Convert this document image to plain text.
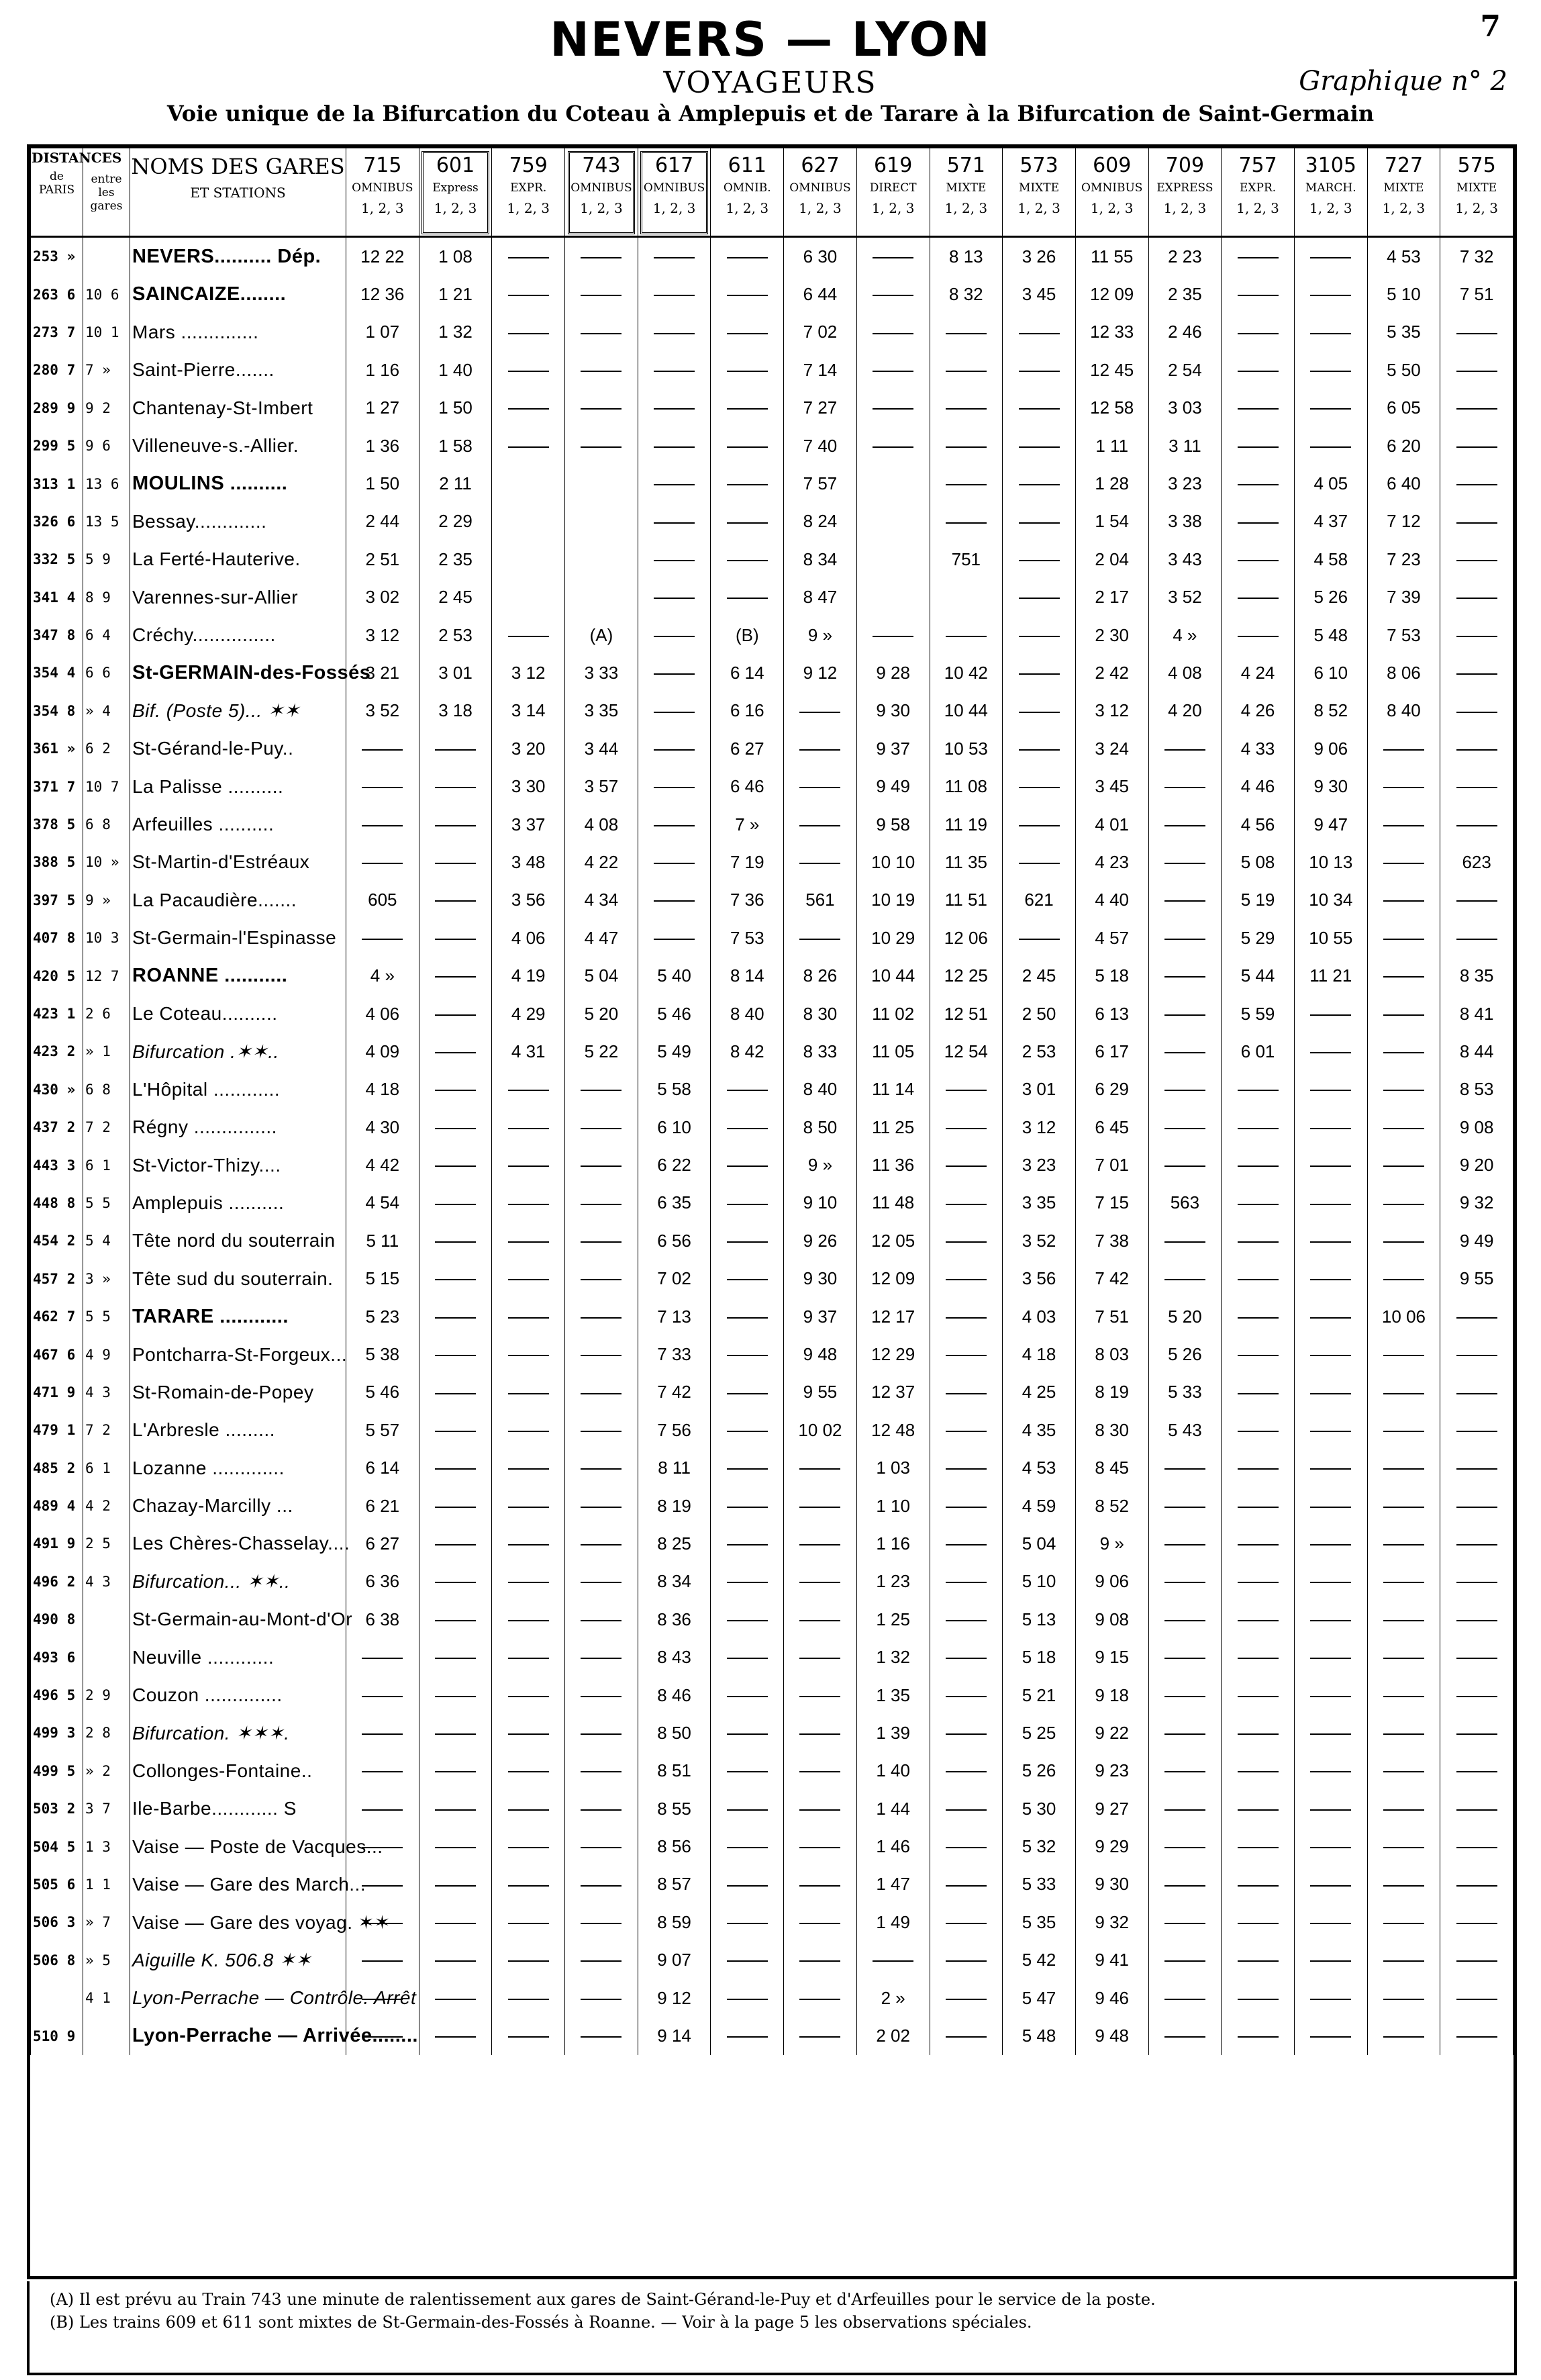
NEVERS — LYON
VOYAGEURS
Voie unique de la Bifurcation du Coteau à Amplepuis et de Tarare à la Bifurcation de Saint-Germain
7
Graphique n° 2
DISTANCES
de PARIS	entre les gares	NOMS DES GARES
ET STATIONS	715
OMNIBUS
1, 2, 3	601
Express
1, 2, 3	759
EXPR.
1, 2, 3	743
OMNIBUS
1, 2, 3	617
OMNIBUS
1, 2, 3	611
OMNIB.
1, 2, 3	627
OMNIBUS
1, 2, 3	619
DIRECT
1, 2, 3	571
MIXTE
1, 2, 3	573
MIXTE
1, 2, 3	609
OMNIBUS
1, 2, 3	709
EXPRESS
1, 2, 3	757
EXPR.
1, 2, 3	3105
MARCH.
1, 2, 3	727
MIXTE
1, 2, 3	575
MIXTE
1, 2, 3

253 »		NEVERS.......... Dép.	12 22	1 08					6 30		8 13	3 26	11 55	2 23			4 53	7 32
263 6	10 6	SAINCAIZE........	12 36	1 21					6 44		8 32	3 45	12 09	2 35			5 10	7 51
273 7	10 1	Mars ..............	1 07	1 32					7 02				12 33	2 46			5 35	
280 7	7 »	Saint-Pierre.......	1 16	1 40					7 14				12 45	2 54			5 50	
289 9	9 2	Chantenay-St-Imbert	1 27	1 50					7 27				12 58	3 03			6 05	
299 5	9 6	Villeneuve-s.-Allier.	1 36	1 58					7 40				1 11	3 11			6 20	
313 1	13 6	MOULINS ..........	1 50	2 11					7 57				1 28	3 23		4 05	6 40	
326 6	13 5	Bessay.............	2 44	2 29					8 24				1 54	3 38		4 37	7 12	
332 5	5 9	La Ferté-Hauterive.	2 51	2 35					8 34		751		2 04	3 43		4 58	7 23	
341 4	8 9	Varennes-sur-Allier	3 02	2 45					8 47				2 17	3 52		5 26	7 39	
347 8	6 4	Créchy...............	3 12	2 53		(A)		(B)	9 »				2 30	4 »		5 48	7 53	
354 4	6 6	St-GERMAIN-des-Fossés	3 21	3 01	3 12	3 33		6 14	9 12	9 28	10 42		2 42	4 08	4 24	6 10	8 06	
354 8	» 4	Bif. (Poste 5)... ✶✶	3 52	3 18	3 14	3 35		6 16		9 30	10 44		3 12	4 20	4 26	8 52	8 40	
361 »	6 2	St-Gérand-le-Puy..			3 20	3 44		6 27		9 37	10 53		3 24		4 33	9 06		
371 7	10 7	La Palisse ..........			3 30	3 57		6 46		9 49	11 08		3 45		4 46	9 30		
378 5	6 8	Arfeuilles ..........			3 37	4 08		7 »		9 58	11 19		4 01		4 56	9 47		
388 5	10 »	St-Martin-d'Estréaux			3 48	4 22		7 19		10 10	11 35		4 23		5 08	10 13		623
397 5	9 »	La Pacaudière.......	605		3 56	4 34		7 36	561	10 19	11 51	621	4 40		5 19	10 34		
407 8	10 3	St-Germain-l'Espinasse			4 06	4 47		7 53		10 29	12 06		4 57		5 29	10 55		
420 5	12 7	ROANNE ...........	4 »		4 19	5 04	5 40	8 14	8 26	10 44	12 25	2 45	5 18		5 44	11 21		8 35
423 1	2 6	Le Coteau..........	4 06		4 29	5 20	5 46	8 40	8 30	11 02	12 51	2 50	6 13		5 59			8 41
423 2	» 1	Bifurcation .✶✶..	4 09		4 31	5 22	5 49	8 42	8 33	11 05	12 54	2 53	6 17		6 01			8 44
430 »	6 8	L'Hôpital ............	4 18				5 58		8 40	11 14		3 01	6 29					8 53
437 2	7 2	Régny ...............	4 30				6 10		8 50	11 25		3 12	6 45					9 08
443 3	6 1	St-Victor-Thizy....	4 42				6 22		9 »	11 36		3 23	7 01					9 20
448 8	5 5	Amplepuis ..........	4 54				6 35		9 10	11 48		3 35	7 15	563				9 32
454 2	5 4	Tête nord du souterrain	5 11				6 56		9 26	12 05		3 52	7 38					9 49
457 2	3 »	Tête sud du souterrain.	5 15				7 02		9 30	12 09		3 56	7 42					9 55
462 7	5 5	TARARE ............	5 23				7 13		9 37	12 17		4 03	7 51	5 20			10 06	
467 6	4 9	Pontcharra-St-Forgeux...	5 38				7 33		9 48	12 29		4 18	8 03	5 26				
471 9	4 3	St-Romain-de-Popey	5 46				7 42		9 55	12 37		4 25	8 19	5 33				
479 1	7 2	L'Arbresle .........	5 57				7 56		10 02	12 48		4 35	8 30	5 43				
485 2	6 1	Lozanne .............	6 14				8 11			1 03		4 53	8 45					
489 4	4 2	Chazay-Marcilly ...	6 21				8 19			1 10		4 59	8 52					
491 9	2 5	Les Chères-Chasselay....	6 27				8 25			1 16		5 04	9 »					
496 2	4 3	Bifurcation... ✶✶..	6 36				8 34			1 23		5 10	9 06					
490 8		St-Germain-au-Mont-d'Or	6 38				8 36			1 25		5 13	9 08					
493 6		Neuville ............					8 43			1 32		5 18	9 15					
496 5	2 9	Couzon ..............					8 46			1 35		5 21	9 18					
499 3	2 8	Bifurcation. ✶✶✶.					8 50			1 39		5 25	9 22					
499 5	» 2	Collonges-Fontaine..					8 51			1 40		5 26	9 23					
503 2	3 7	Ile-Barbe............ S					8 55			1 44		5 30	9 27					
504 5	1 3	Vaise — Poste de Vacques...					8 56			1 46		5 32	9 29					
505 6	1 1	Vaise — Gare des March...					8 57			1 47		5 33	9 30					
506 3	» 7	Vaise — Gare des voyag. ✶✶					8 59			1 49		5 35	9 32					
506 8	» 5	Aiguille K. 506.8 ✶✶					9 07					5 42	9 41					
	4 1	Lyon-Perrache — Contrôle. Arrêt					9 12			2 »		5 47	9 46					
510 9		Lyon-Perrache — Arrivée........					9 14			2 02		5 48	9 48					
(A) Il est prévu au Train 743 une minute de ralentissement aux gares de Saint-Gérand-le-Puy et d'Arfeuilles pour le service de la poste.
(B) Les trains 609 et 611 sont mixtes de St-Germain-des-Fossés à Roanne. — Voir à la page 5 les observations spéciales.
